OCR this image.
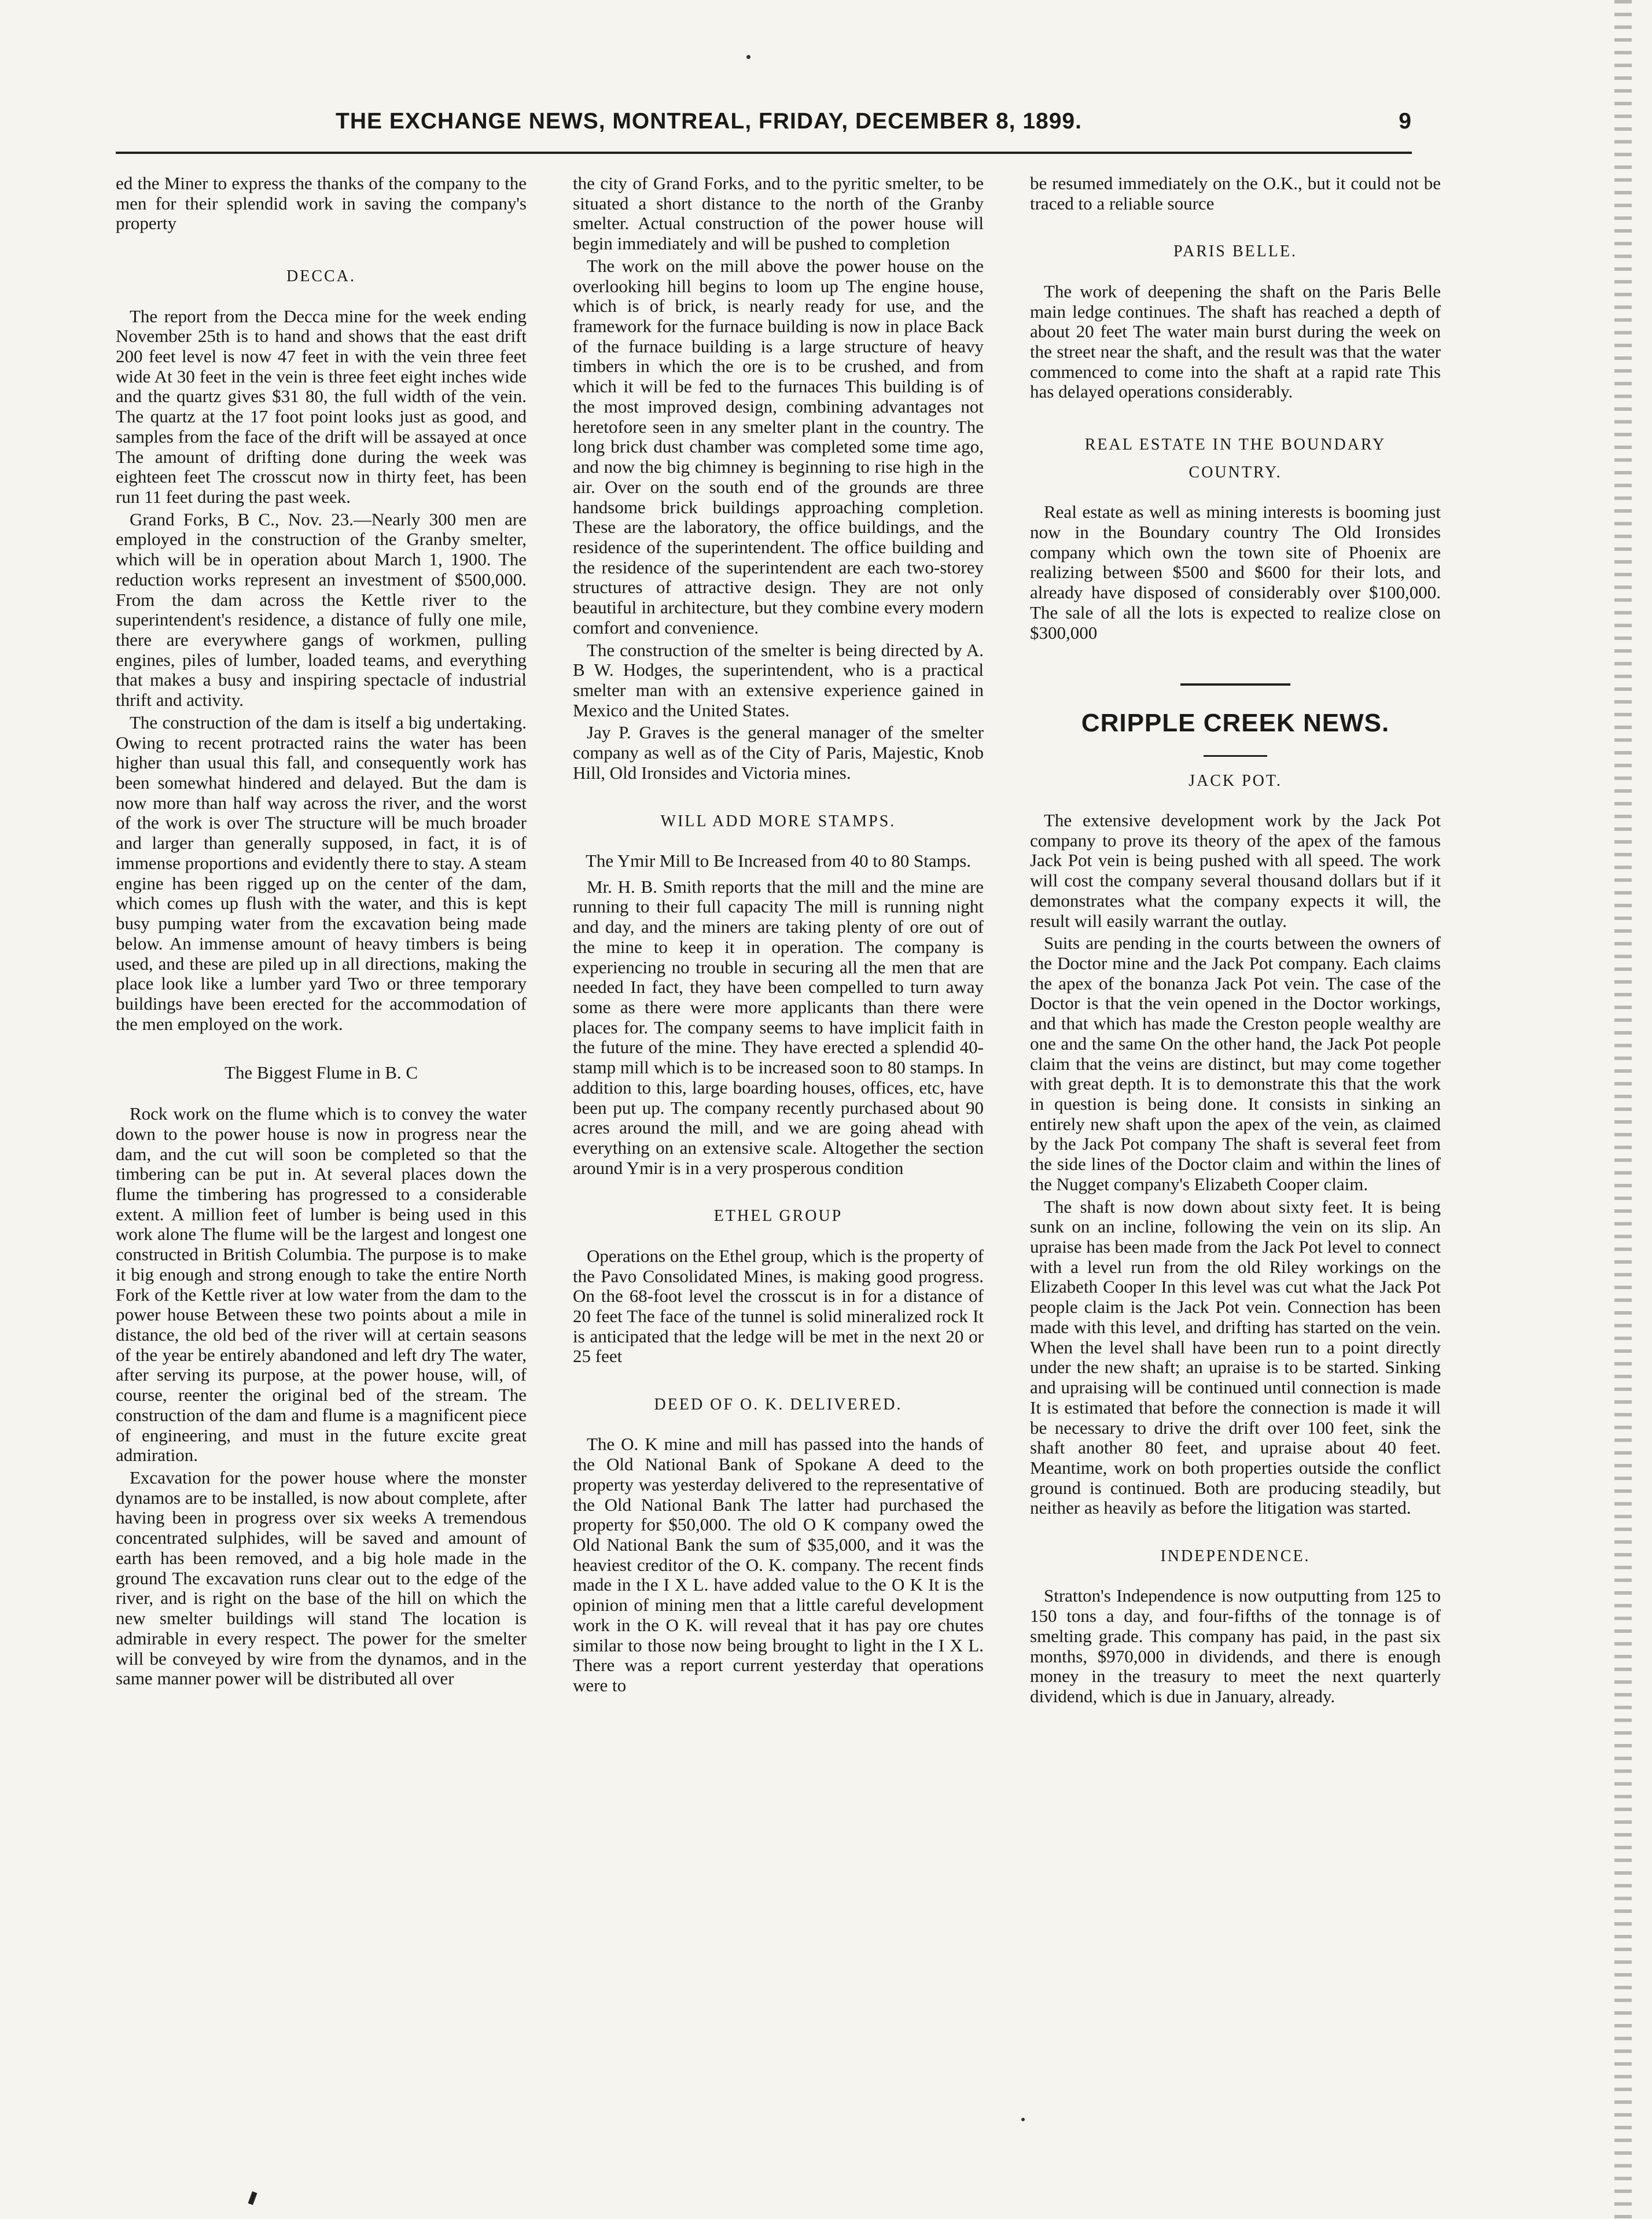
THE EXCHANGE NEWS, MONTREAL, FRIDAY, DECEMBER 8, 1899.	9

ed the Miner to express the thanks of the company to the men for their splendid work in saving the company's property

DECCA.

The report from the Decca mine for the week ending November 25th is to hand and shows that the east drift 200 feet level is now 47 feet in with the vein three feet wide At 30 feet in the vein is three feet eight inches wide and the quartz gives $31 80, the full width of the vein. The quartz at the 17 foot point looks just as good, and samples from the face of the drift will be assayed at once The amount of drifting done during the week was eighteen feet The crosscut now in thirty feet, has been run 11 feet during the past week.

Grand Forks, B C., Nov. 23.—Nearly 300 men are employed in the construction of the Granby smelter, which will be in operation about March 1, 1900. The reduction works represent an investment of $500,000. From the dam across the Kettle river to the superintendent's residence, a distance of fully one mile, there are everywhere gangs of workmen, pulling engines, piles of lumber, loaded teams, and everything that makes a busy and inspiring spectacle of industrial thrift and activity.

The construction of the dam is itself a big undertaking. Owing to recent protracted rains the water has been higher than usual this fall, and consequently work has been somewhat hindered and delayed. But the dam is now more than half way across the river, and the worst of the work is over The structure will be much broader and larger than generally supposed, in fact, it is of immense proportions and evidently there to stay. A steam engine has been rigged up on the center of the dam, which comes up flush with the water, and this is kept busy pumping water from the excavation being made below. An immense amount of heavy timbers is being used, and these are piled up in all directions, making the place look like a lumber yard Two or three temporary buildings have been erected for the accommodation of the men employed on the work.

The Biggest Flume in B. C

Rock work on the flume which is to convey the water down to the power house is now in progress near the dam, and the cut will soon be completed so that the timbering can be put in. At several places down the flume the timbering has progressed to a considerable extent. A million feet of lumber is being used in this work alone The flume will be the largest and longest one constructed in British Columbia. The purpose is to make it big enough and strong enough to take the entire North Fork of the Kettle river at low water from the dam to the power house Between these two points about a mile in distance, the old bed of the river will at certain seasons of the year be entirely abandoned and left dry The water, after serving its purpose, at the power house, will, of course, reenter the original bed of the stream. The construction of the dam and flume is a magnificent piece of engineering, and must in the future excite great admiration.

Excavation for the power house where the monster dynamos are to be installed, is now about complete, after having been in progress over six weeks A tremendous concentrated sulphides, will be saved and amount of earth has been removed, and a big hole made in the ground The excavation runs clear out to the edge of the river, and is right on the base of the hill on which the new smelter buildings will stand The location is admirable in every respect. The power for the smelter will be conveyed by wire from the dynamos, and in the same manner power will be distributed all over

the city of Grand Forks, and to the pyritic smelter, to be situated a short distance to the north of the Granby smelter. Actual construction of the power house will begin immediately and will be pushed to completion

The work on the mill above the power house on the overlooking hill begins to loom up The engine house, which is of brick, is nearly ready for use, and the framework for the furnace building is now in place Back of the furnace building is a large structure of heavy timbers in which the ore is to be crushed, and from which it will be fed to the furnaces This building is of the most improved design, combining advantages not heretofore seen in any smelter plant in the country. The long brick dust chamber was completed some time ago, and now the big chimney is beginning to rise high in the air. Over on the south end of the grounds are three handsome brick buildings approaching completion. These are the laboratory, the office buildings, and the residence of the superintendent. The office building and the residence of the superintendent are each two-storey structures of attractive design. They are not only beautiful in architecture, but they combine every modern comfort and convenience.

The construction of the smelter is being directed by A. B W. Hodges, the superintendent, who is a practical smelter man with an extensive experience gained in Mexico and the United States.

Jay P. Graves is the general manager of the smelter company as well as of the City of Paris, Majestic, Knob Hill, Old Ironsides and Victoria mines.

WILL ADD MORE STAMPS.
The Ymir Mill to Be Increased from 40 to 80 Stamps.

Mr. H. B. Smith reports that the mill and the mine are running to their full capacity The mill is running night and day, and the miners are taking plenty of ore out of the mine to keep it in operation. The company is experiencing no trouble in securing all the men that are needed In fact, they have been compelled to turn away some as there were more applicants than there were places for. The company seems to have implicit faith in the future of the mine. They have erected a splendid 40-stamp mill which is to be increased soon to 80 stamps. In addition to this, large boarding houses, offices, etc, have been put up. The company recently purchased about 90 acres around the mill, and we are going ahead with everything on an extensive scale. Altogether the section around Ymir is in a very prosperous condition

ETHEL GROUP

Operations on the Ethel group, which is the property of the Pavo Consolidated Mines, is making good progress. On the 68-foot level the crosscut is in for a distance of 20 feet The face of the tunnel is solid mineralized rock It is anticipated that the ledge will be met in the next 20 or 25 feet

DEED OF O. K. DELIVERED.

The O. K mine and mill has passed into the hands of the Old National Bank of Spokane A deed to the property was yesterday delivered to the representative of the Old National Bank The latter had purchased the property for $50,000. The old O K company owed the Old National Bank the sum of $35,000, and it was the heaviest creditor of the O. K. company. The recent finds made in the I X L. have added value to the O K It is the opinion of mining men that a little careful development work in the O K. will reveal that it has pay ore chutes similar to those now being brought to light in the I X L. There was a report current yesterday that operations were to

be resumed immediately on the O.K., but it could not be traced to a reliable source

PARIS BELLE.

The work of deepening the shaft on the Paris Belle main ledge continues. The shaft has reached a depth of about 20 feet The water main burst during the week on the street near the shaft, and the result was that the water commenced to come into the shaft at a rapid rate This has delayed operations considerably.

REAL ESTATE IN THE BOUNDARY
COUNTRY.

Real estate as well as mining interests is booming just now in the Boundary country The Old Ironsides company which own the town site of Phoenix are realizing between $500 and $600 for their lots, and already have disposed of considerably over $100,000. The sale of all the lots is expected to realize close on $300,000

CRIPPLE CREEK NEWS.
JACK POT.

The extensive development work by the Jack Pot company to prove its theory of the apex of the famous Jack Pot vein is being pushed with all speed. The work will cost the company several thousand dollars but if it demonstrates what the company expects it will, the result will easily warrant the outlay.

Suits are pending in the courts between the owners of the Doctor mine and the Jack Pot company. Each claims the apex of the bonanza Jack Pot vein. The case of the Doctor is that the vein opened in the Doctor workings, and that which has made the Creston people wealthy are one and the same On the other hand, the Jack Pot people claim that the veins are distinct, but may come together with great depth. It is to demonstrate this that the work in question is being done. It consists in sinking an entirely new shaft upon the apex of the vein, as claimed by the Jack Pot company The shaft is several feet from the side lines of the Doctor claim and within the lines of the Nugget company's Elizabeth Cooper claim.

The shaft is now down about sixty feet. It is being sunk on an incline, following the vein on its slip. An upraise has been made from the Jack Pot level to connect with a level run from the old Riley workings on the Elizabeth Cooper In this level was cut what the Jack Pot people claim is the Jack Pot vein. Connection has been made with this level, and drifting has started on the vein. When the level shall have been run to a point directly under the new shaft; an upraise is to be started. Sinking and upraising will be continued until connection is made It is estimated that before the connection is made it will be necessary to drive the drift over 100 feet, sink the shaft another 80 feet, and upraise about 40 feet. Meantime, work on both properties outside the conflict ground is continued. Both are producing steadily, but neither as heavily as before the litigation was started.

INDEPENDENCE.

Stratton's Independence is now outputting from 125 to 150 tons a day, and four-fifths of the tonnage is of smelting grade. This company has paid, in the past six months, $970,000 in dividends, and there is enough money in the treasury to meet the next quarterly dividend, which is due in January, already.
